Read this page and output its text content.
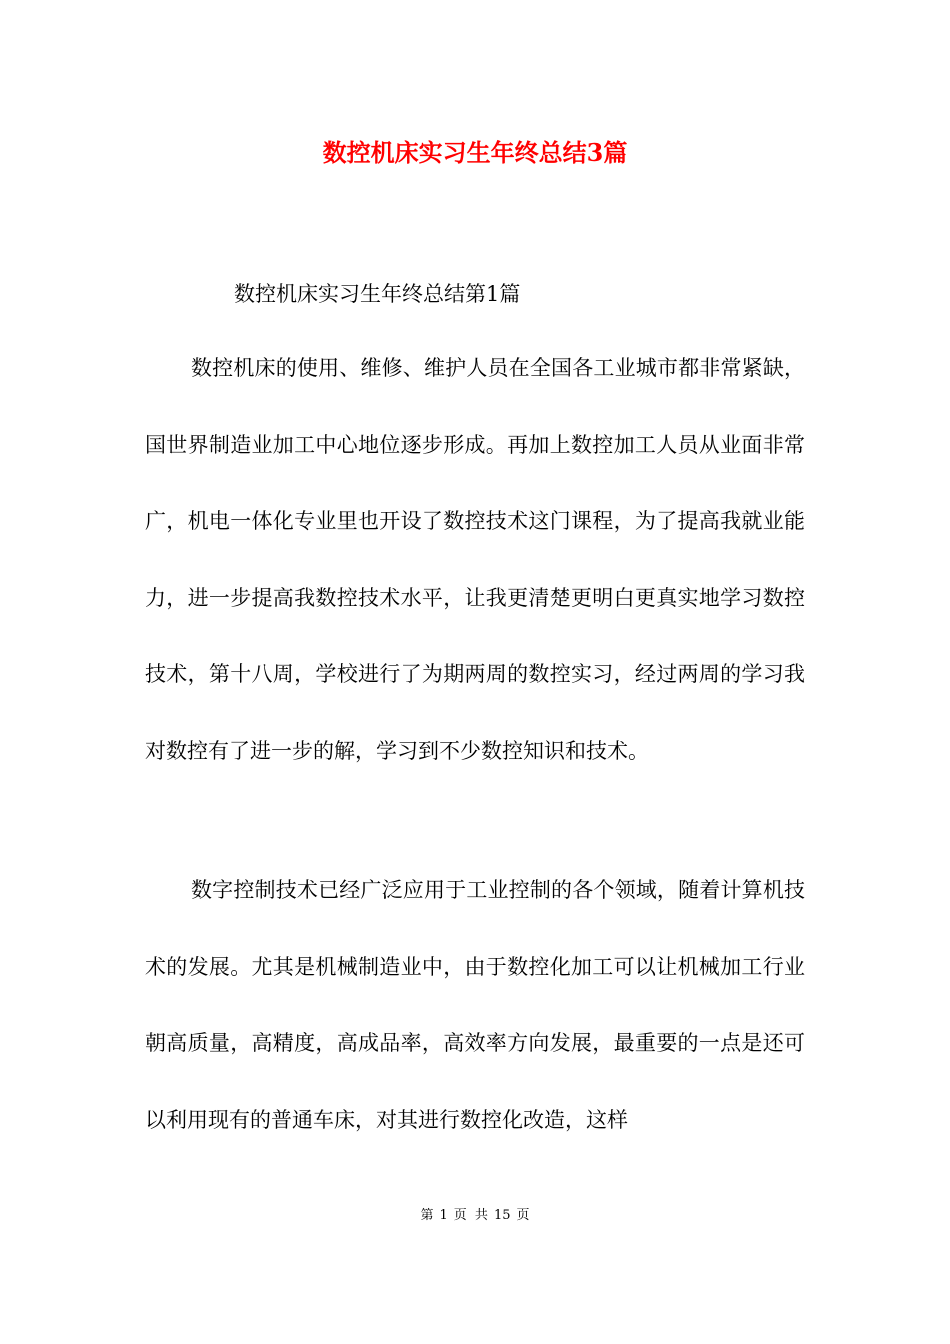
数控机床实习生年终总结3篇

数控机床实习生年终总结第1篇

数控机床的使用、维修、维护人员在全国各工业城市都非常紧缺，国世界制造业加工中心地位逐步形成。再加上数控加工人员从业面非常广，机电一体化专业里也开设了数控技术这门课程，为了提高我就业能力，进一步提高我数控技术水平，让我更清楚更明白更真实地学习数控技术，第十八周，学校进行了为期两周的数控实习，经过两周的学习我对数控有了进一步的解，学习到不少数控知识和技术。

数字控制技术已经广泛应用于工业控制的各个领域，随着计算机技术的发展。尤其是机械制造业中，由于数控化加工可以让机械加工行业朝高质量，高精度，高成品率，高效率方向发展，最重要的一点是还可以利用现有的普通车床，对其进行数控化改造，这样

第 1 页 共 15 页
